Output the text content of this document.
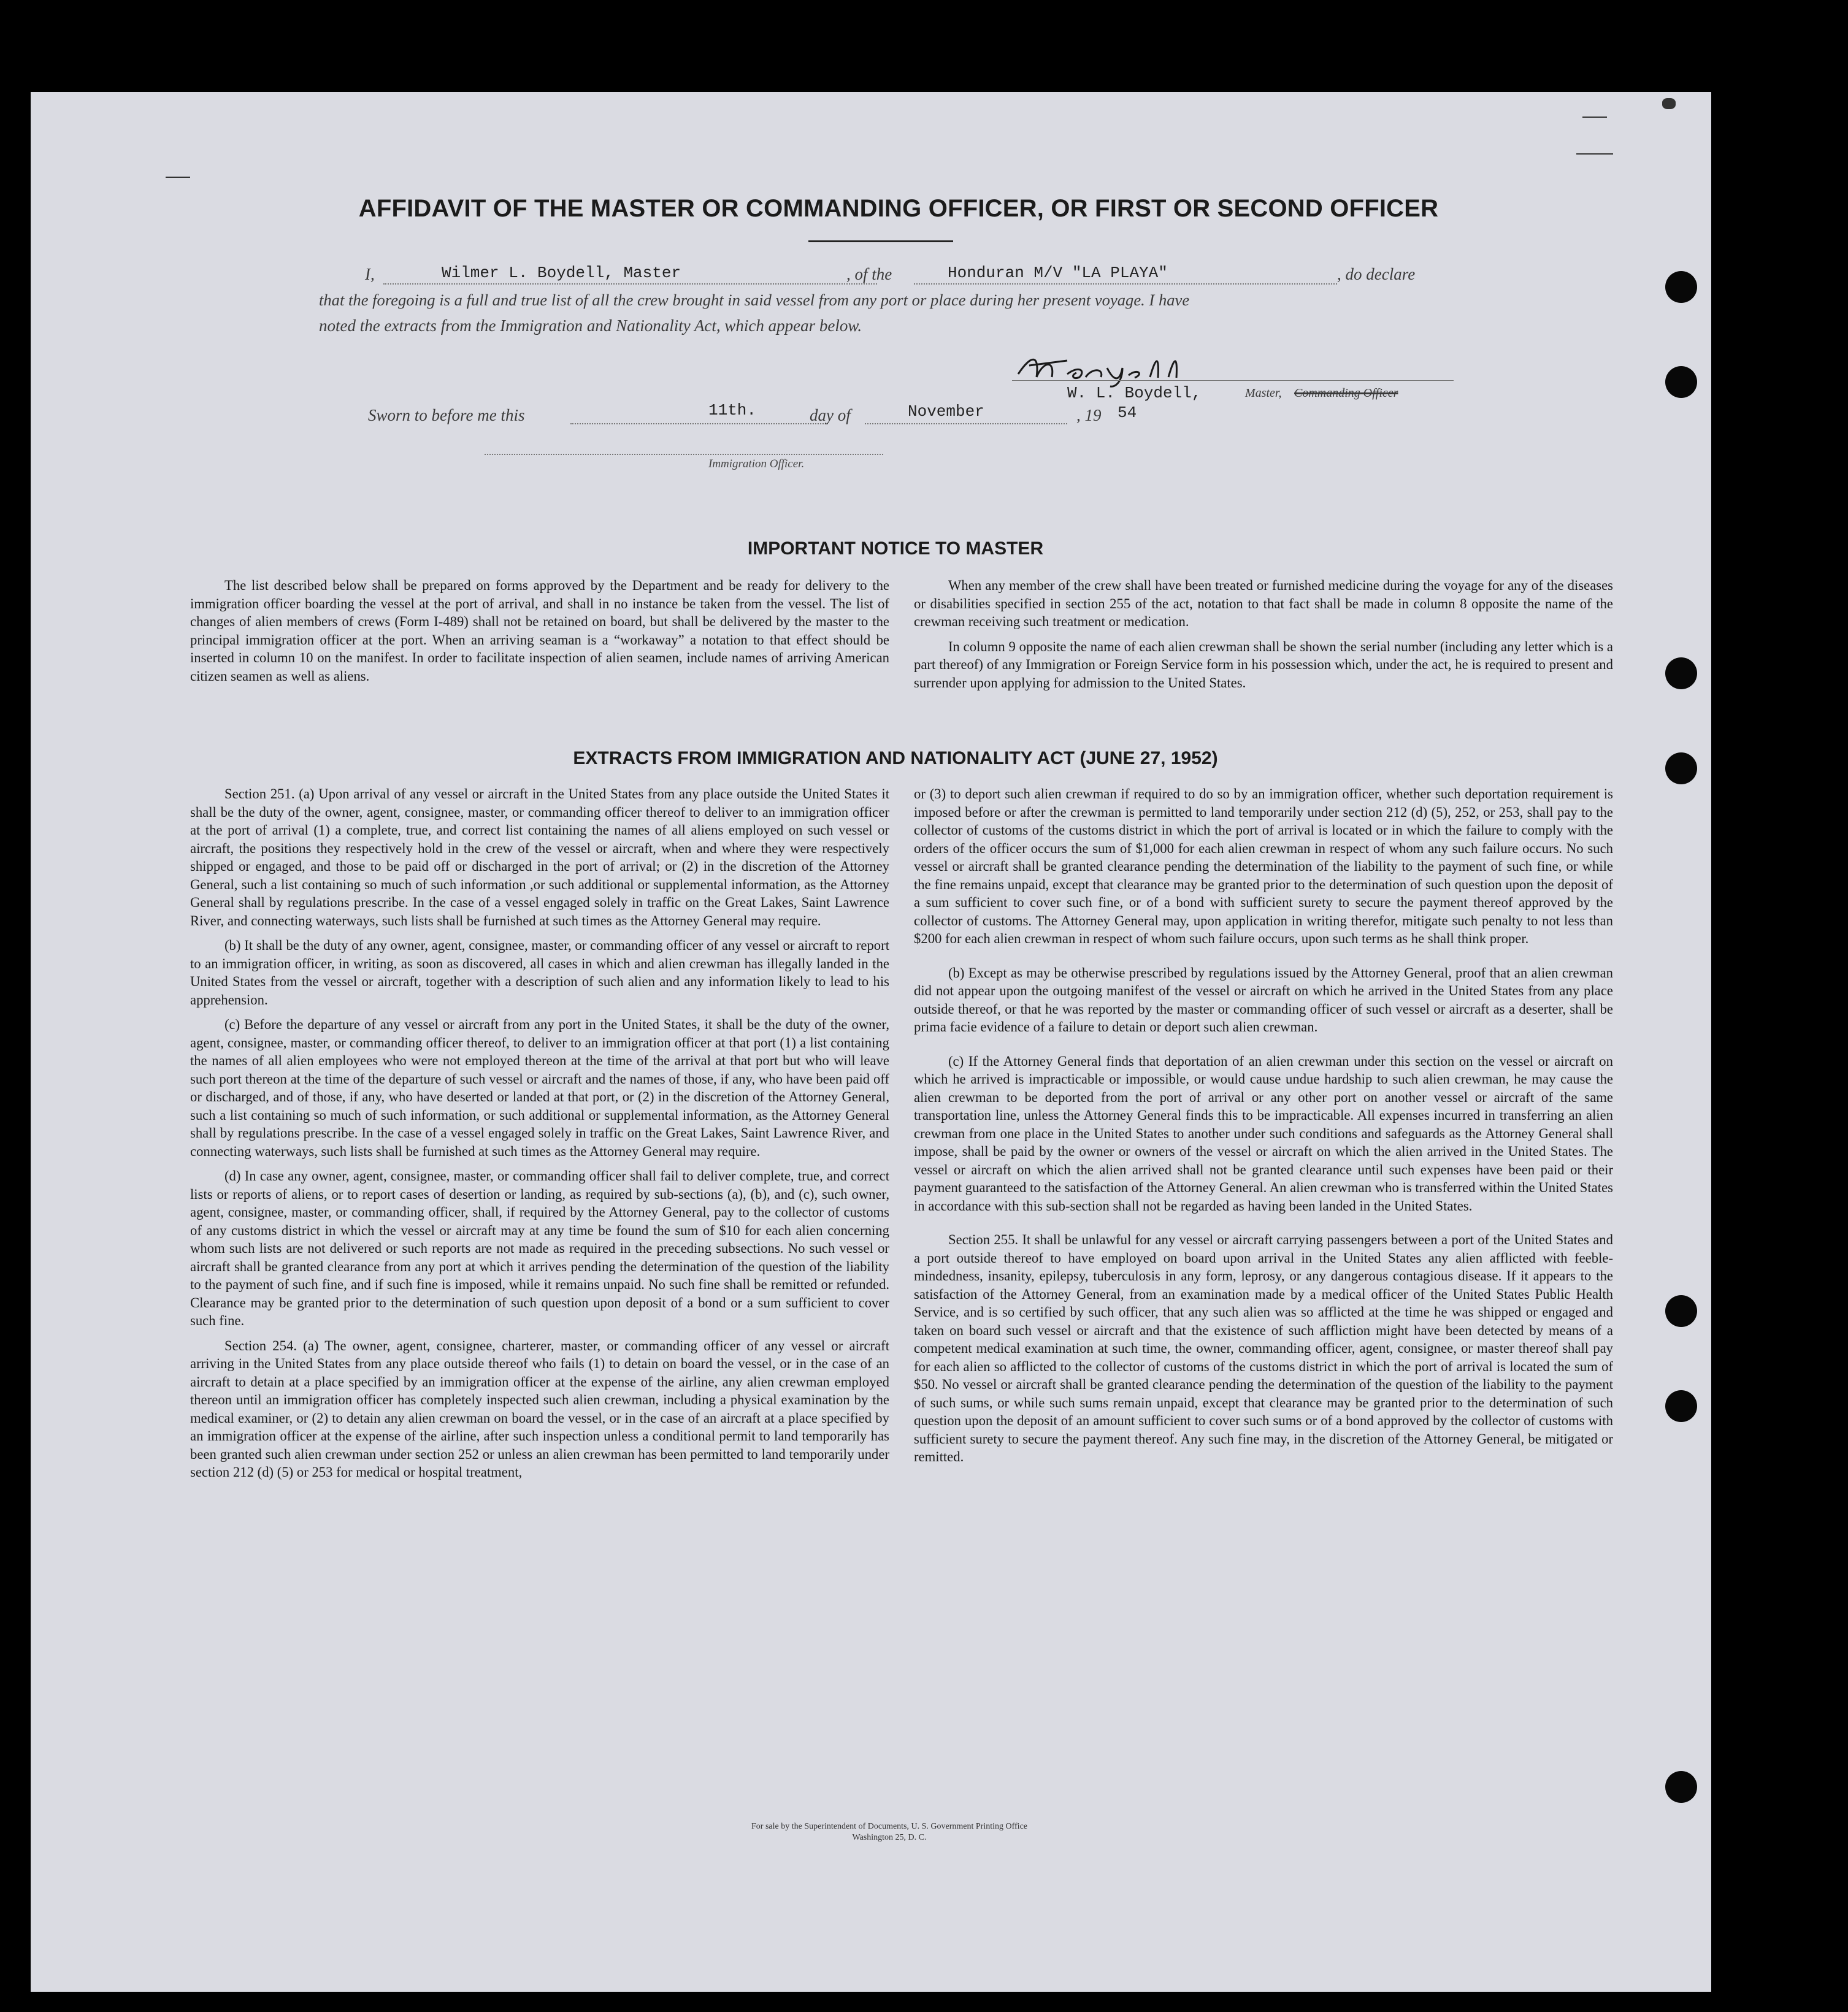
AFFIDAVIT OF THE MASTER OR COMMANDING OFFICER, OR FIRST OR SECOND OFFICER
I,	Wilmer L. Boydell, Master	, of the	Honduran M/V "LA PLAYA"	, do declare
that the foregoing is a full and true list of all the crew brought in said vessel from any port or place during her present voyage. I have
noted the extracts from the Immigration and Nationality Act, which appear below.
W. L. Boydell,	Master, Commanding Officer
Sworn to before me this	11th.	day of	November	, 19 54
Immigration Officer.
IMPORTANT NOTICE TO MASTER

The list described below shall be prepared on forms approved by the Department and be ready for delivery to the immigration officer boarding the vessel at the port of arrival, and shall in no instance be taken from the vessel. The list of changes of alien members of crews (Form I-489) shall not be retained on board, but shall be delivered by the master to the principal immigration officer at the port. When an arriving seaman is a “workaway” a notation to that effect should be inserted in column 10 on the manifest. In order to facilitate inspection of alien seamen, include names of arriving American citizen seamen as well as aliens.

When any member of the crew shall have been treated or furnished medicine during the voyage for any of the diseases or disabilities specified in section 255 of the act, notation to that fact shall be made in column 8 opposite the name of the crewman receiving such treatment or medication.

In column 9 opposite the name of each alien crewman shall be shown the serial number (including any letter which is a part thereof) of any Immigration or Foreign Service form in his possession which, under the act, he is required to present and surrender upon applying for admission to the United States.

EXTRACTS FROM IMMIGRATION AND NATIONALITY ACT (JUNE 27, 1952)

Section 251. (a) Upon arrival of any vessel or aircraft in the United States from any place outside the United States it shall be the duty of the owner, agent, consignee, master, or commanding officer thereof to deliver to an immigration officer at the port of arrival (1) a complete, true, and correct list containing the names of all aliens employed on such vessel or aircraft, the positions they respectively hold in the crew of the vessel or aircraft, when and where they were respectively shipped or engaged, and those to be paid off or discharged in the port of arrival; or (2) in the discretion of the Attorney General, such a list containing so much of such information ,or such additional or supplemental information, as the Attorney General shall by regulations prescribe. In the case of a vessel engaged solely in traffic on the Great Lakes, Saint Lawrence River, and connecting waterways, such lists shall be furnished at such times as the Attorney General may require.

(b) It shall be the duty of any owner, agent, consignee, master, or commanding officer of any vessel or aircraft to report to an immigration officer, in writing, as soon as discovered, all cases in which and alien crewman has illegally landed in the United States from the vessel or aircraft, together with a description of such alien and any information likely to lead to his apprehension.

(c) Before the departure of any vessel or aircraft from any port in the United States, it shall be the duty of the owner, agent, consignee, master, or commanding officer thereof, to deliver to an immigration officer at that port (1) a list containing the names of all alien employees who were not employed thereon at the time of the arrival at that port but who will leave such port thereon at the time of the departure of such vessel or aircraft and the names of those, if any, who have been paid off or discharged, and of those, if any, who have deserted or landed at that port, or (2) in the discretion of the Attorney General, such a list containing so much of such information, or such additional or supplemental information, as the Attorney General shall by regulations prescribe. In the case of a vessel engaged solely in traffic on the Great Lakes, Saint Lawrence River, and connecting waterways, such lists shall be furnished at such times as the Attorney General may require.

(d) In case any owner, agent, consignee, master, or commanding officer shall fail to deliver complete, true, and correct lists or reports of aliens, or to report cases of desertion or landing, as required by sub-sections (a), (b), and (c), such owner, agent, consignee, master, or commanding officer, shall, if required by the Attorney General, pay to the collector of customs of any customs district in which the vessel or aircraft may at any time be found the sum of $10 for each alien concerning whom such lists are not delivered or such reports are not made as required in the preceding subsections. No such vessel or aircraft shall be granted clearance from any port at which it arrives pending the determination of the question of the liability to the payment of such fine, and if such fine is imposed, while it remains unpaid. No such fine shall be remitted or refunded. Clearance may be granted prior to the determination of such question upon deposit of a bond or a sum sufficient to cover such fine.

Section 254. (a) The owner, agent, consignee, charterer, master, or commanding officer of any vessel or aircraft arriving in the United States from any place outside thereof who fails (1) to detain on board the vessel, or in the case of an aircraft to detain at a place specified by an immigration officer at the expense of the airline, any alien crewman employed thereon until an immigration officer has completely inspected such alien crewman, including a physical examination by the medical examiner, or (2) to detain any alien crewman on board the vessel, or in the case of an aircraft at a place specified by an immigration officer at the expense of the airline, after such inspection unless a conditional permit to land temporarily has been granted such alien crewman under section 252 or unless an alien crewman has been permitted to land temporarily under section 212 (d) (5) or 253 for medical or hospital treatment,

or (3) to deport such alien crewman if required to do so by an immigration officer, whether such deportation requirement is imposed before or after the crewman is permitted to land temporarily under section 212 (d) (5), 252, or 253, shall pay to the collector of customs of the customs district in which the port of arrival is located or in which the failure to comply with the orders of the officer occurs the sum of $1,000 for each alien crewman in respect of whom any such failure occurs. No such vessel or aircraft shall be granted clearance pending the determination of the liability to the payment of such fine, or while the fine remains unpaid, except that clearance may be granted prior to the determination of such question upon the deposit of a sum sufficient to cover such fine, or of a bond with sufficient surety to secure the payment thereof approved by the collector of customs. The Attorney General may, upon application in writing therefor, mitigate such penalty to not less than $200 for each alien crewman in respect of whom such failure occurs, upon such terms as he shall think proper.

(b) Except as may be otherwise prescribed by regulations issued by the Attorney General, proof that an alien crewman did not appear upon the outgoing manifest of the vessel or aircraft on which he arrived in the United States from any place outside thereof, or that he was reported by the master or commanding officer of such vessel or aircraft as a deserter, shall be prima facie evidence of a failure to detain or deport such alien crewman.

(c) If the Attorney General finds that deportation of an alien crewman under this section on the vessel or aircraft on which he arrived is impracticable or impossible, or would cause undue hardship to such alien crewman, he may cause the alien crewman to be deported from the port of arrival or any other port on another vessel or aircraft of the same transportation line, unless the Attorney General finds this to be impracticable. All expenses incurred in transferring an alien crewman from one place in the United States to another under such conditions and safeguards as the Attorney General shall impose, shall be paid by the owner or owners of the vessel or aircraft on which the alien arrived in the United States. The vessel or aircraft on which the alien arrived shall not be granted clearance until such expenses have been paid or their payment guaranteed to the satisfaction of the Attorney General. An alien crewman who is transferred within the United States in accordance with this sub-section shall not be regarded as having been landed in the United States.

Section 255. It shall be unlawful for any vessel or aircraft carrying passengers between a port of the United States and a port outside thereof to have employed on board upon arrival in the United States any alien afflicted with feeble-mindedness, insanity, epilepsy, tuberculosis in any form, leprosy, or any dangerous contagious disease. If it appears to the satisfaction of the Attorney General, from an examination made by a medical officer of the United States Public Health Service, and is so certified by such officer, that any such alien was so afflicted at the time he was shipped or engaged and taken on board such vessel or aircraft and that the existence of such affliction might have been detected by means of a competent medical examination at such time, the owner, commanding officer, agent, consignee, or master thereof shall pay for each alien so afflicted to the collector of customs of the customs district in which the port of arrival is located the sum of $50. No vessel or aircraft shall be granted clearance pending the determination of the question of the liability to the payment of such sums, or while such sums remain unpaid, except that clearance may be granted prior to the determination of such question upon the deposit of an amount sufficient to cover such sums or of a bond approved by the collector of customs with sufficient surety to secure the payment thereof. Any such fine may, in the discretion of the Attorney General, be mitigated or remitted.

For sale by the Superintendent of Documents, U. S. Government Printing Office
Washington 25, D. C.
